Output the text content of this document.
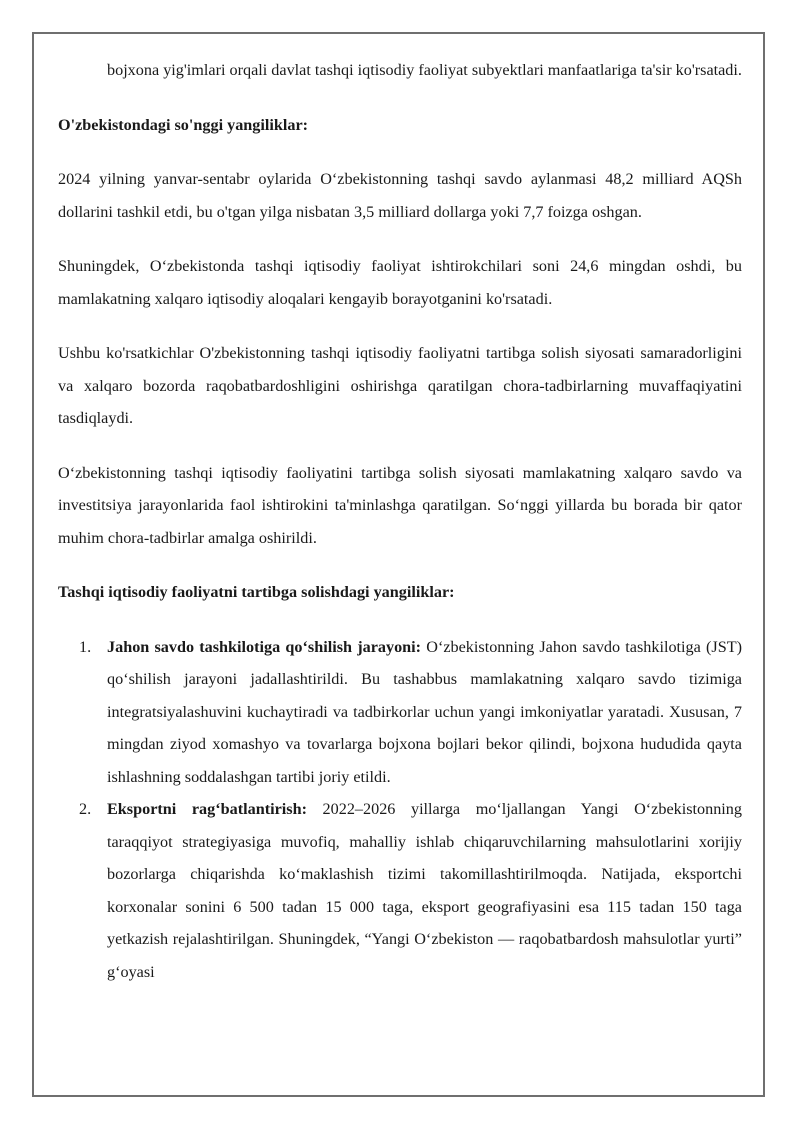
bojxona yig'imlari orqali davlat tashqi iqtisodiy faoliyat subyektlari manfaatlariga ta'sir ko'rsatadi.

O'zbekistondagi so'nggi yangiliklar:

2024 yilning yanvar-sentabr oylarida O‘zbekistonning tashqi savdo aylanmasi 48,2 milliard AQSh dollarini tashkil etdi, bu o'tgan yilga nisbatan 3,5 milliard dollarga yoki 7,7 foizga oshgan.

Shuningdek, O‘zbekistonda tashqi iqtisodiy faoliyat ishtirokchilari soni 24,6 mingdan oshdi, bu mamlakatning xalqaro iqtisodiy aloqalari kengayib borayotganini ko'rsatadi.

Ushbu ko'rsatkichlar O'zbekistonning tashqi iqtisodiy faoliyatni tartibga solish siyosati samaradorligini va xalqaro bozorda raqobatbardoshligini oshirishga qaratilgan chora-tadbirlarning muvaffaqiyatini tasdiqlaydi.

O‘zbekistonning tashqi iqtisodiy faoliyatini tartibga solish siyosati mamlakatning xalqaro savdo va investitsiya jarayonlarida faol ishtirokini ta'minlashga qaratilgan. So‘nggi yillarda bu borada bir qator muhim chora-tadbirlar amalga oshirildi.

Tashqi iqtisodiy faoliyatni tartibga solishdagi yangiliklar:

1. Jahon savdo tashkilotiga qo‘shilish jarayoni: O‘zbekistonning Jahon savdo tashkilotiga (JST) qo‘shilish jarayoni jadallashtirildi. Bu tashabbus mamlakatning xalqaro savdo tizimiga integratsiyalashuvini kuchaytiradi va tadbirkorlar uchun yangi imkoniyatlar yaratadi. Xususan, 7 mingdan ziyod xomashyo va tovarlarga bojxona bojlari bekor qilindi, bojxona hududida qayta ishlashning soddalashgan tartibi joriy etildi.
2. Eksportni rag‘batlantirish: 2022–2026 yillarga mo‘ljallangan Yangi O‘zbekistonning taraqqiyot strategiyasiga muvofiq, mahalliy ishlab chiqaruvchilarning mahsulotlarini xorijiy bozorlarga chiqarishda ko‘maklashish tizimi takomillashtirilmoqda. Natijada, eksportchi korxonalar sonini 6 500 tadan 15 000 taga, eksport geografiyasini esa 115 tadan 150 taga yetkazish rejalashtirilgan. Shuningdek, “Yangi O‘zbekiston — raqobatbardosh mahsulotlar yurti” g‘oyasi
